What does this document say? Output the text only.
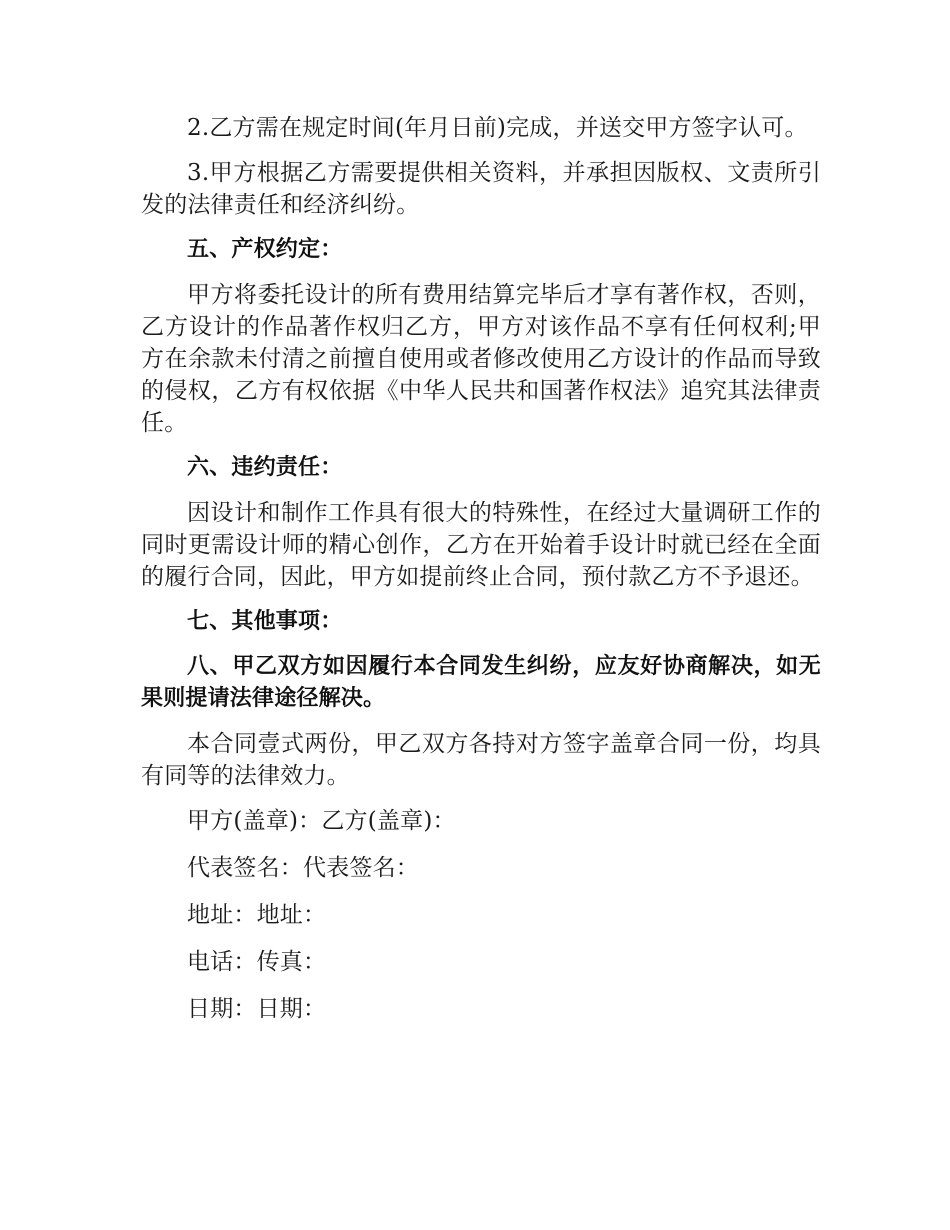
2.乙方需在规定时间(年月日前)完成，并送交甲方签字认可。

3.甲方根据乙方需要提供相关资料，并承担因版权、文责所引发的法律责任和经济纠纷。

五、产权约定：

甲方将委托设计的所有费用结算完毕后才享有著作权，否则，乙方设计的作品著作权归乙方，甲方对该作品不享有任何权利;甲方在余款未付清之前擅自使用或者修改使用乙方设计的作品而导致的侵权，乙方有权依据《中华人民共和国著作权法》追究其法律责任。

六、违约责任：

因设计和制作工作具有很大的特殊性，在经过大量调研工作的同时更需设计师的精心创作，乙方在开始着手设计时就已经在全面的履行合同，因此，甲方如提前终止合同，预付款乙方不予退还。

七、其他事项：

八、甲乙双方如因履行本合同发生纠纷，应友好协商解决，如无果则提请法律途径解决。

本合同壹式两份，甲乙双方各持对方签字盖章合同一份，均具有同等的法律效力。

甲方(盖章)：乙方(盖章)：

代表签名：代表签名：

地址：地址：

电话：传真：

日期：日期：
